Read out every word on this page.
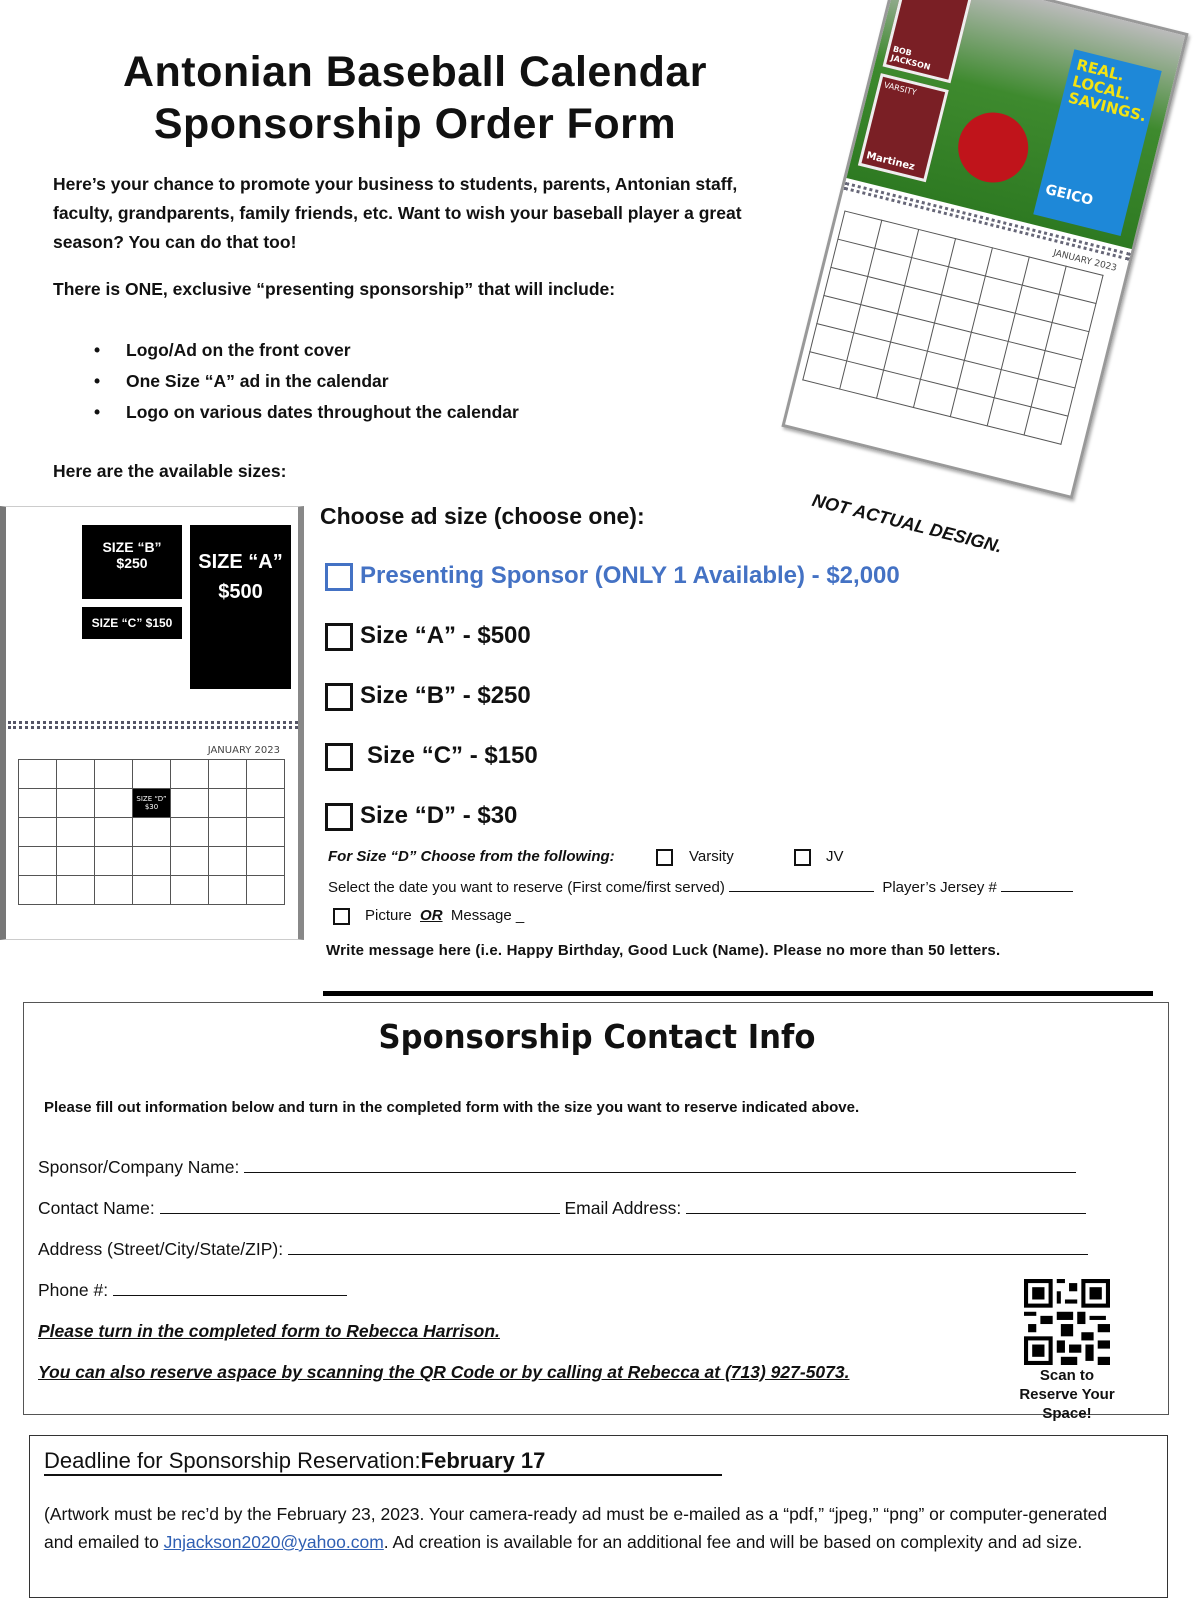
Antonian Baseball Calendar
Sponsorship Order Form
Here’s your chance to promote your business to students, parents, Antonian staff, faculty, grandparents, family friends, etc. Want to wish your baseball player a great season? You can do that too!
There is ONE, exclusive “presenting sponsorship” that will include:
• Logo/Ad on the front cover
• One Size “A” ad in the calendar
• Logo on various dates throughout the calendar
Here are the available sizes:
SIZE “B”
$250
SIZE “C” $150
SIZE “A”
$500
JANUARY 2023

			SIZE “D”
$30			

BOB JACKSON
VARSITY
Martinez
REAL. LOCAL. SAVINGS.
GEICO
JANUARY 2023

NOT ACTUAL DESIGN.
Choose ad size (choose one):
Presenting Sponsor (ONLY 1 Available) - $2,000
Size “A” - $500
Size “B” - $250
Size “C” - $150
Size “D” - $30
For Size “D” Choose from the following:	Varsity	JV
Select the date you want to reserve (First come/first served)	Player’s Jersey #
Picture OR Message _
Write message here (i.e. Happy Birthday, Good Luck (Name). Please no more than 50 letters.
Sponsorship Contact Info
Please fill out information below and turn in the completed form with the size you want to reserve indicated above.
Sponsor/Company Name:
Contact Name:	Email Address:
Address (Street/City/State/ZIP):
Phone #:
Please turn in the completed form to Rebecca Harrison.
You can also reserve aspace by scanning the QR Code or by calling at Rebecca at (713) 927-5073.	Scan to
Reserve Your Space!
Deadline for Sponsorship Reservation:February 17
(Artwork must be rec’d by the February 23, 2023. Your camera-ready ad must be e-mailed as a “pdf,” “jpeg,” “png” or computer-generated and emailed to Jnjackson2020@yahoo.com. Ad creation is available for an additional fee and will be based on complexity and ad size.
